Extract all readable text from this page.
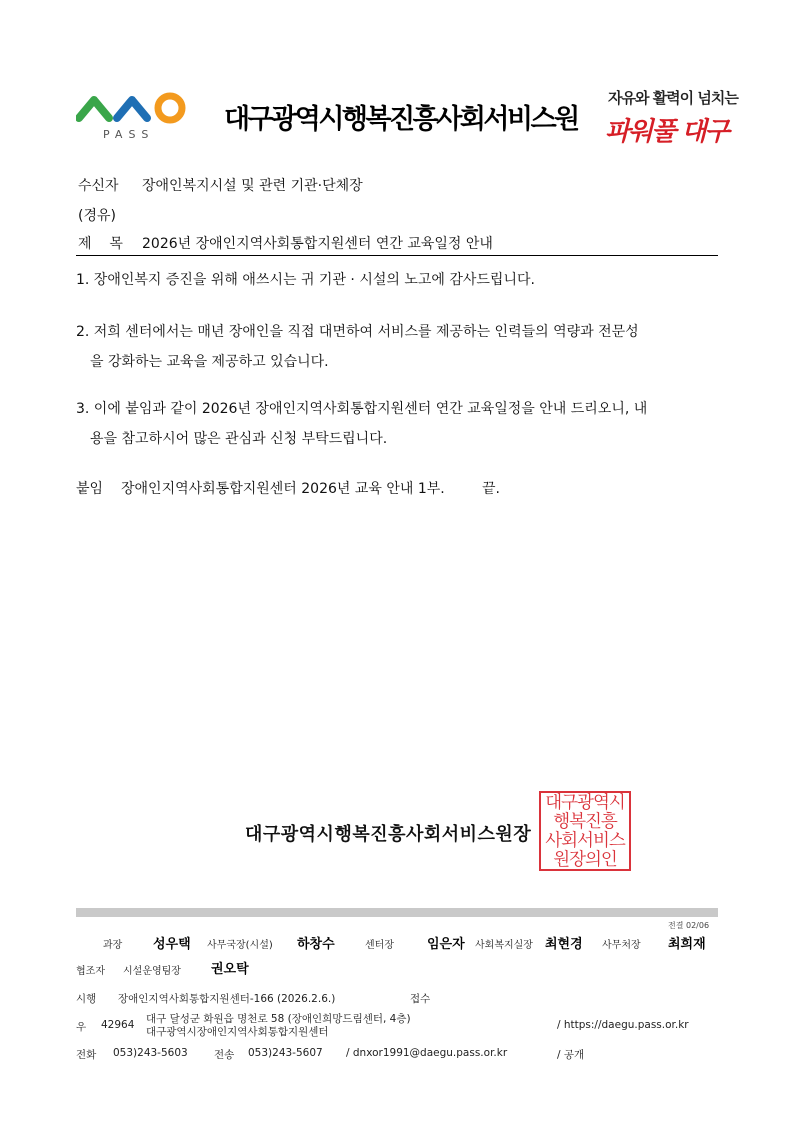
PASS	대구광역시행복진흥사회서비스원
자유와 활력이 넘치는
파워풀 대구
수신자 장애인복지시설 및 관련 기관·단체장
(경유)
제    목 2026년 장애인지역사회통합지원센터 연간 교육일정 안내
1. 장애인복지 증진을 위해 애쓰시는 귀 기관 · 시설의 노고에 감사드립니다.
2. 저희 센터에서는 매년 장애인을 직접 대면하여 서비스를 제공하는 인력들의 역량과 전문성
을 강화하는 교육을 제공하고 있습니다.
3. 이에 붙임과 같이 2026년 장애인지역사회통합지원센터 연간 교육일정을 안내 드리오니, 내
용을 참고하시어 많은 관심과 신청 부탁드립니다.
붙임 장애인지역사회통합지원센터 2026년 교육 안내 1부.	끝.
대구광역시행복진흥사회서비스원장
대구광역시
행복진흥
사회서비스
원장의인
전결 02/06
과장 성우택 사무국장(시설) 하창수	센터장	임은자 사회복지실장 최현경 사무처장 최희재
협조자 시설운영팀장 권오탁
시행 장애인지역사회통합지원센터-166 (2026.2.6.)	접수
우 42964 대구 달성군 화원읍 명천로 58 (장애인희망드림센터, 4층)
대구광역시장애인지역사회통합지원센터
/ https://daegu.pass.or.kr
전화 053)243-5603	전송 053)243-5607 / dnxor1991@daegu.pass.or.kr	/ 공개
